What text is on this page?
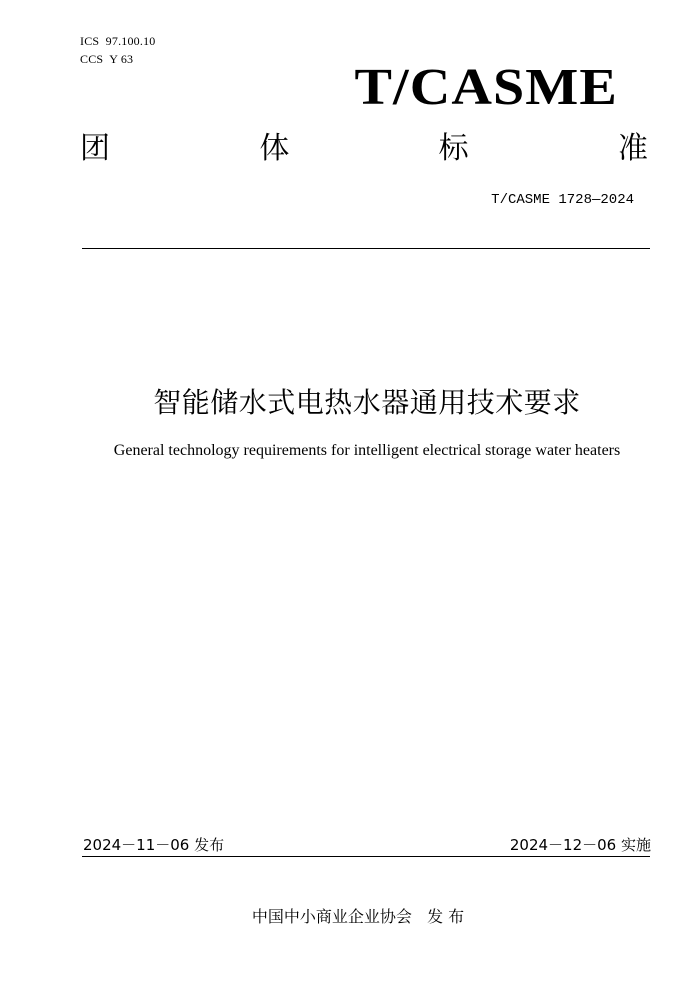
ICS  97.100.10
CCS  Y 63	T/CASME
团	体	标	准
T/CASME 1728—2024
智能储水式电热水器通用技术要求
General technology requirements for intelligent electrical storage water heaters
2024－11－06 发布	2024－12－06 实施
中国中小商业企业协会   发 布
